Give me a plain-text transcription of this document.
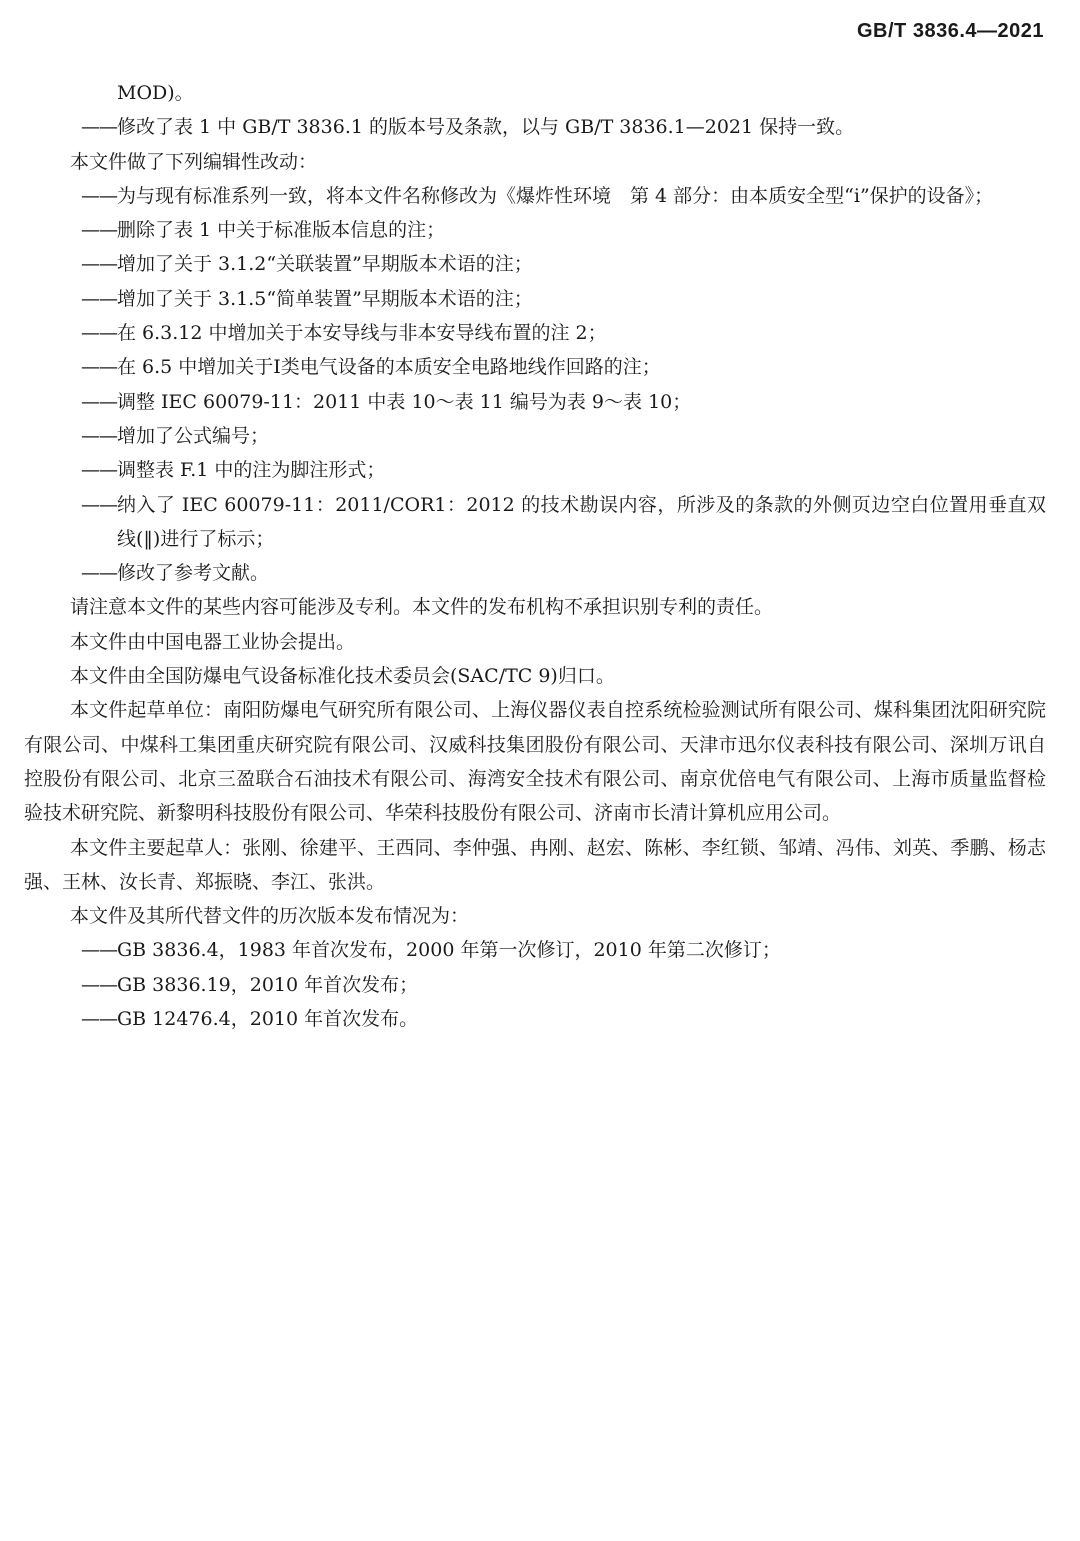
GB/T 3836.4—2021

MOD)。

—— 修改了表 1 中 GB/T 3836.1 的版本号及条款，以与 GB/T 3836.1—2021 保持一致。

本文件做了下列编辑性改动：

—— 为与现有标准系列一致，将本文件名称修改为《爆炸性环境　第 4 部分：由本质安全型“i”保护的设备》；
—— 删除了表 1 中关于标准版本信息的注；
—— 增加了关于 3.1.2“关联装置”早期版本术语的注；
—— 增加了关于 3.1.5“简单装置”早期版本术语的注；
—— 在 6.3.12 中增加关于本安导线与非本安导线布置的注 2；
—— 在 6.5 中增加关于Ⅰ类电气设备的本质安全电路地线作回路的注；
—— 调整 IEC 60079-11：2011 中表 10～表 11 编号为表 9～表 10；
—— 增加了公式编号；
—— 调整表 F.1 中的注为脚注形式；
—— 纳入了 IEC 60079-11：2011/COR1：2012 的技术勘误内容，所涉及的条款的外侧页边空白位置用垂直双线(‖)进行了标示；
—— 修改了参考文献。

请注意本文件的某些内容可能涉及专利。本文件的发布机构不承担识别专利的责任。

本文件由中国电器工业协会提出。

本文件由全国防爆电气设备标准化技术委员会(SAC/TC 9)归口。

本文件起草单位：南阳防爆电气研究所有限公司、上海仪器仪表自控系统检验测试所有限公司、煤科集团沈阳研究院有限公司、中煤科工集团重庆研究院有限公司、汉威科技集团股份有限公司、天津市迅尔仪表科技有限公司、深圳万讯自控股份有限公司、北京三盈联合石油技术有限公司、海湾安全技术有限公司、南京优倍电气有限公司、上海市质量监督检验技术研究院、新黎明科技股份有限公司、华荣科技股份有限公司、济南市长清计算机应用公司。

本文件主要起草人：张刚、徐建平、王西同、李仲强、冉刚、赵宏、陈彬、李红锁、邹靖、冯伟、刘英、季鹏、杨志强、王林、汝长青、郑振晓、李江、张洪。

本文件及其所代替文件的历次版本发布情况为：

—— GB 3836.4，1983 年首次发布，2000 年第一次修订，2010 年第二次修订；
—— GB 3836.19，2010 年首次发布；
—— GB 12476.4，2010 年首次发布。
